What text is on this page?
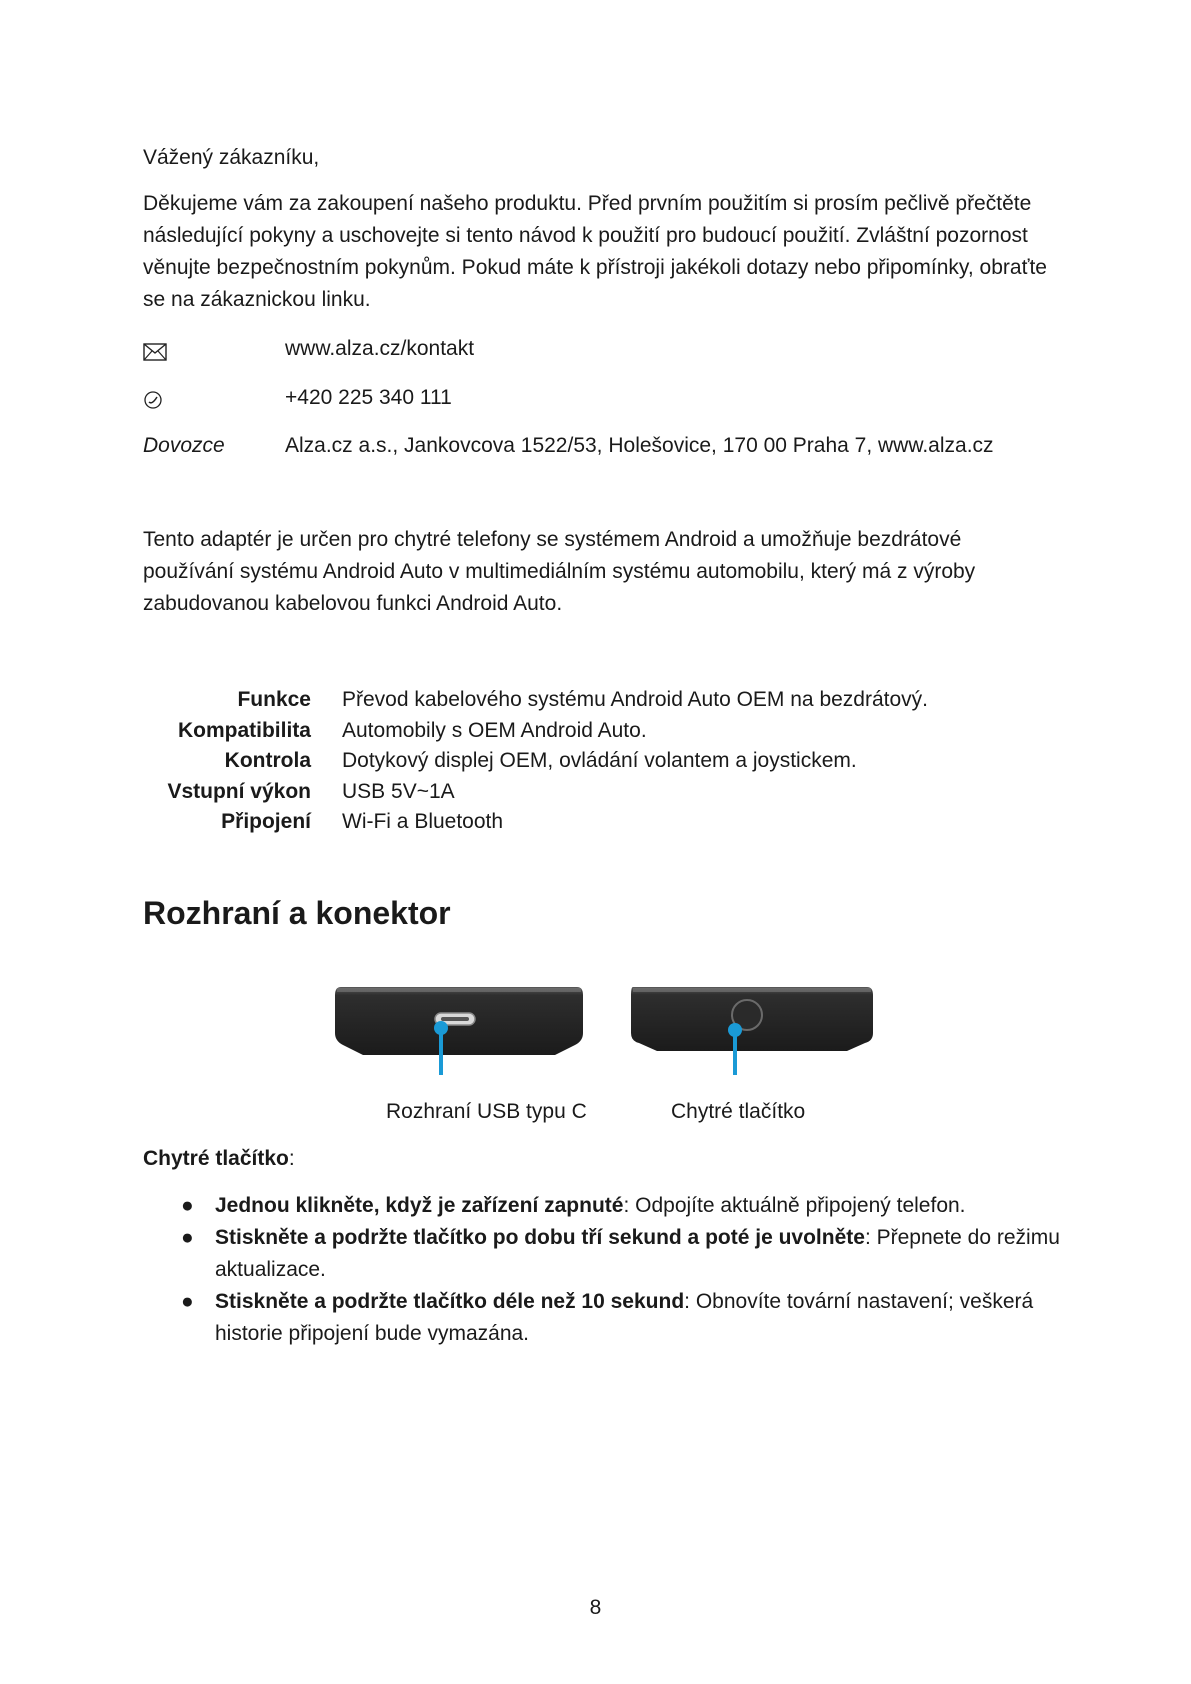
Vážený zákazníku,
Děkujeme vám za zakoupení našeho produktu. Před prvním použitím si prosím pečlivě přečtěte následující pokyny a uschovejte si tento návod k použití pro budoucí použití. Zvláštní pozornost věnujte bezpečnostním pokynům. Pokud máte k přístroji jakékoli dotazy nebo připomínky, obraťte se na zákaznickou linku.
www.alza.cz/kontakt
+420 225 340 111
Dovozce	Alza.cz a.s., Jankovcova 1522/53, Holešovice, 170 00 Praha 7, www.alza.cz
Tento adaptér je určen pro chytré telefony se systémem Android a umožňuje bezdrátové používání systému Android Auto v multimediálním systému automobilu, který má z výroby zabudovanou kabelovou funkci Android Auto.
Funkce Převod kabelového systému Android Auto OEM na bezdrátový.
Kompatibilita Automobily s OEM Android Auto.
Kontrola Dotykový displej OEM, ovládání volantem a joystickem.
Vstupní výkon USB 5V~1A
Připojení Wi-Fi a Bluetooth
Rozhraní a konektor
Rozhraní USB typu C	Chytré tlačítko
Chytré tlačítko:
● Jednou klikněte, když je zařízení zapnuté: Odpojíte aktuálně připojený telefon.
● Stiskněte a podržte tlačítko po dobu tří sekund a poté je uvolněte: Přepnete do režimu aktualizace.
● Stiskněte a podržte tlačítko déle než 10 sekund: Obnovíte tovární nastavení; veškerá historie připojení bude vymazána.
8
